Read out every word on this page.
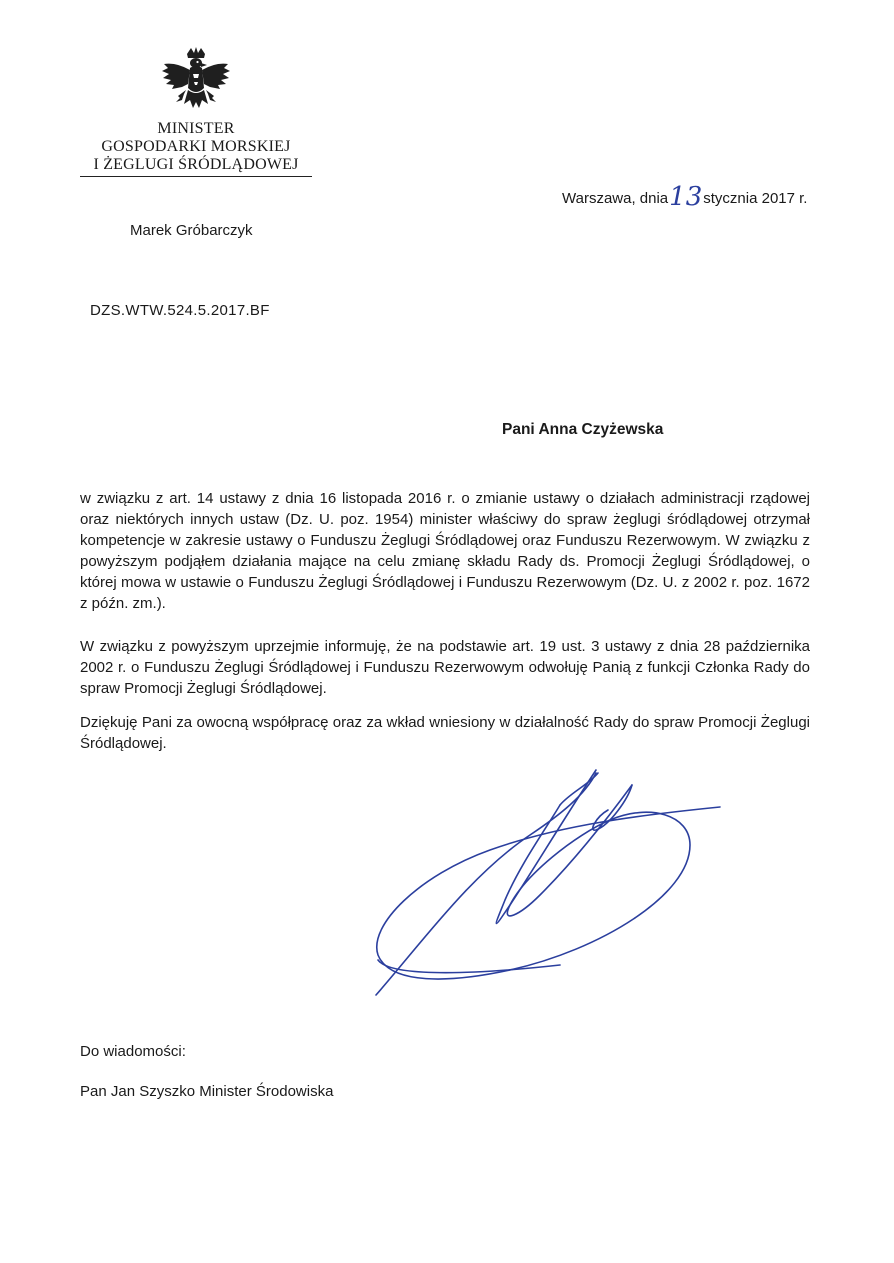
MINISTER
GOSPODARKI MORSKIEJ
I ŻEGLUGI ŚRÓDLĄDOWEJ
Warszawa, dnia13stycznia 2017 r.
Marek Gróbarczyk
DZS.WTW.524.5.2017.BF
Pani Anna Czyżewska

w związku z art. 14 ustawy z dnia 16 listopada 2016 r. o zmianie ustawy o działach administracji rządowej oraz niektórych innych ustaw (Dz. U. poz. 1954) minister właściwy do spraw żeglugi śródlądowej otrzymał kompetencje w zakresie ustawy o Funduszu Żeglugi Śródlądowej oraz Funduszu Rezerwowym. W związku z powyższym podjąłem działania mające na celu zmianę składu Rady ds. Promocji Żeglugi Śródlądowej, o której mowa w ustawie o Funduszu Żeglugi Śródlądowej i Funduszu Rezerwowym (Dz. U. z 2002 r. poz. 1672 z późn. zm.).

W związku z powyższym uprzejmie informuję, że na podstawie art. 19 ust. 3 ustawy z dnia 28 października 2002 r. o Funduszu Żeglugi Śródlądowej i Funduszu Rezerwowym odwołuję Panią z funkcji Członka Rady do spraw Promocji Żeglugi Śródlądowej.

Dziękuję Pani za owocną współpracę oraz za wkład wniesiony w działalność Rady do spraw Promocji Żeglugi Śródlądowej.

Do wiadomości:
Pan Jan Szyszko Minister Środowiska
